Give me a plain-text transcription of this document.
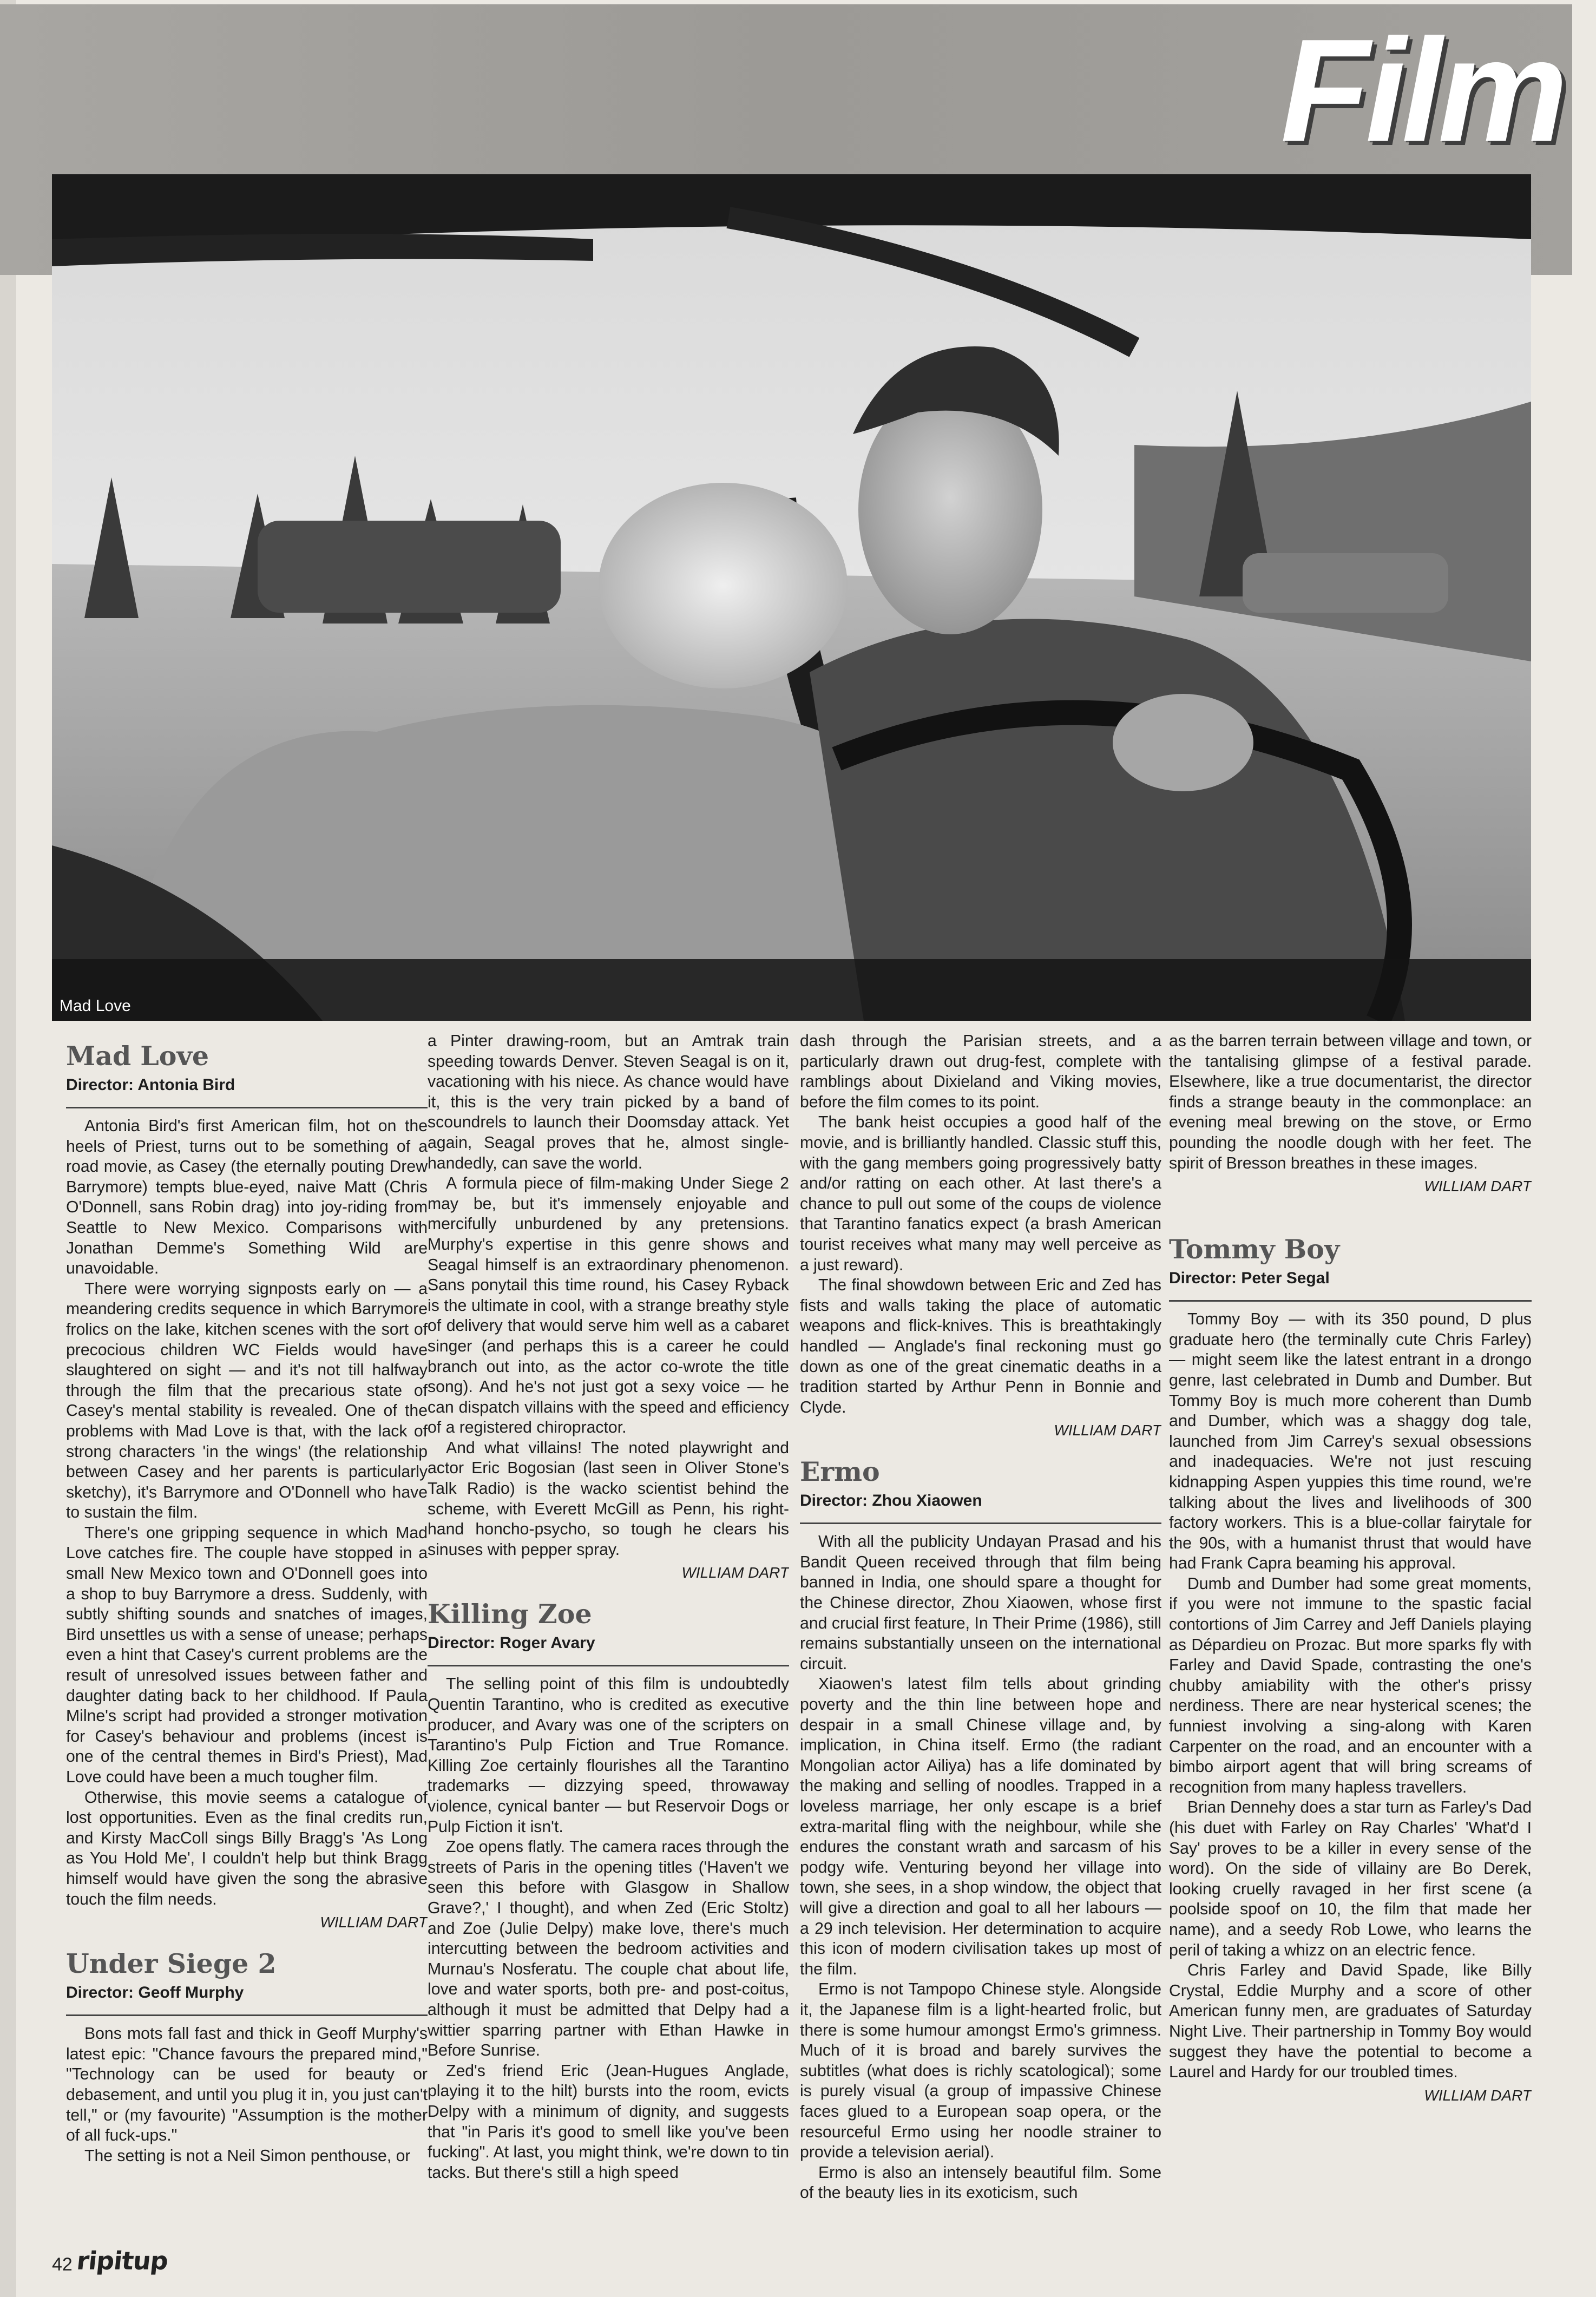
Film
Mad Love
Mad Love
Director: Antonia Bird

Antonia Bird's first American film, hot on the heels of Priest, turns out to be something of a road movie, as Casey (the eternally pouting Drew Barrymore) tempts blue-eyed, naive Matt (Chris O'Donnell, sans Robin drag) into joy-riding from Seattle to New Mexico. Comparisons with Jonathan Demme's Something Wild are unavoidable.

There were worrying signposts early on — a meandering credits sequence in which Barrymore frolics on the lake, kitchen scenes with the sort of precocious children WC Fields would have slaughtered on sight — and it's not till halfway through the film that the precarious state of Casey's mental stability is revealed. One of the problems with Mad Love is that, with the lack of strong characters 'in the wings' (the relationship between Casey and her parents is particularly sketchy), it's Barrymore and O'Donnell who have to sustain the film.

There's one gripping sequence in which Mad Love catches fire. The couple have stopped in a small New Mexico town and O'Donnell goes into a shop to buy Barrymore a dress. Suddenly, with subtly shifting sounds and snatches of images, Bird unsettles us with a sense of unease; perhaps even a hint that Casey's current problems are the result of unresolved issues between father and daughter dating back to her childhood. If Paula Milne's script had provided a stronger motivation for Casey's behaviour and problems (incest is one of the central themes in Bird's Priest), Mad Love could have been a much tougher film.

Otherwise, this movie seems a catalogue of lost opportunities. Even as the final credits run, and Kirsty MacColl sings Billy Bragg's 'As Long as You Hold Me', I couldn't help but think Bragg himself would have given the song the abrasive touch the film needs.

WILLIAM DART
Under Siege 2
Director: Geoff Murphy

Bons mots fall fast and thick in Geoff Murphy's latest epic: "Chance favours the prepared mind," "Technology can be used for beauty or debasement, and until you plug it in, you just can't tell," or (my favourite) "Assumption is the mother of all fuck-ups."

The setting is not a Neil Simon penthouse, or

a Pinter drawing-room, but an Amtrak train speeding towards Denver. Steven Seagal is on it, vacationing with his niece. As chance would have it, this is the very train picked by a band of scoundrels to launch their Doomsday attack. Yet again, Seagal proves that he, almost single-handedly, can save the world.

A formula piece of film-making Under Siege 2 may be, but it's immensely enjoyable and mercifully unburdened by any pretensions. Murphy's expertise in this genre shows and Seagal himself is an extraordinary phenomenon. Sans ponytail this time round, his Casey Ryback is the ultimate in cool, with a strange breathy style of delivery that would serve him well as a cabaret singer (and perhaps this is a career he could branch out into, as the actor co-wrote the title song). And he's not just got a sexy voice — he can dispatch villains with the speed and efficiency of a registered chiropractor.

And what villains! The noted playwright and actor Eric Bogosian (last seen in Oliver Stone's Talk Radio) is the wacko scientist behind the scheme, with Everett McGill as Penn, his right-hand honcho-psycho, so tough he clears his sinuses with pepper spray.

WILLIAM DART
Killing Zoe
Director: Roger Avary

The selling point of this film is undoubtedly Quentin Tarantino, who is credited as executive producer, and Avary was one of the scripters on Tarantino's Pulp Fiction and True Romance. Killing Zoe certainly flourishes all the Tarantino trademarks — dizzying speed, throwaway violence, cynical banter — but Reservoir Dogs or Pulp Fiction it isn't.

Zoe opens flatly. The camera races through the streets of Paris in the opening titles ('Haven't we seen this before with Glasgow in Shallow Grave?,' I thought), and when Zed (Eric Stoltz) and Zoe (Julie Delpy) make love, there's much intercutting between the bedroom activities and Murnau's Nosferatu. The couple chat about life, love and water sports, both pre- and post-coitus, although it must be admitted that Delpy had a wittier sparring partner with Ethan Hawke in Before Sunrise.

Zed's friend Eric (Jean-Hugues Anglade, playing it to the hilt) bursts into the room, evicts Delpy with a minimum of dignity, and suggests that "in Paris it's good to smell like you've been fucking". At last, you might think, we're down to tin tacks. But there's still a high speed

dash through the Parisian streets, and a particularly drawn out drug-fest, complete with ramblings about Dixieland and Viking movies, before the film comes to its point.

The bank heist occupies a good half of the movie, and is brilliantly handled. Classic stuff this, with the gang members going progressively batty and/or ratting on each other. At last there's a chance to pull out some of the coups de violence that Tarantino fanatics expect (a brash American tourist receives what many may well perceive as a just reward).

The final showdown between Eric and Zed has fists and walls taking the place of automatic weapons and flick-knives. This is breathtakingly handled — Anglade's final reckoning must go down as one of the great cinematic deaths in a tradition started by Arthur Penn in Bonnie and Clyde.

WILLIAM DART
Ermo
Director: Zhou Xiaowen

With all the publicity Undayan Prasad and his Bandit Queen received through that film being banned in India, one should spare a thought for the Chinese director, Zhou Xiaowen, whose first and crucial first feature, In Their Prime (1986), still remains substantially unseen on the international circuit.

Xiaowen's latest film tells about grinding poverty and the thin line between hope and despair in a small Chinese village and, by implication, in China itself. Ermo (the radiant Mongolian actor Ailiya) has a life dominated by the making and selling of noodles. Trapped in a loveless marriage, her only escape is a brief extra-marital fling with the neighbour, while she endures the constant wrath and sarcasm of his podgy wife. Venturing beyond her village into town, she sees, in a shop window, the object that will give a direction and goal to all her labours — a 29 inch television. Her determination to acquire this icon of modern civilisation takes up most of the film.

Ermo is not Tampopo Chinese style. Alongside it, the Japanese film is a light-hearted frolic, but there is some humour amongst Ermo's grimness. Much of it is broad and barely survives the subtitles (what does is richly scatological); some is purely visual (a group of impassive Chinese faces glued to a European soap opera, or the resourceful Ermo using her noodle strainer to provide a television aerial).

Ermo is also an intensely beautiful film. Some of the beauty lies in its exoticism, such

as the barren terrain between village and town, or the tantalising glimpse of a festival parade. Elsewhere, like a true documentarist, the director finds a strange beauty in the commonplace: an evening meal brewing on the stove, or Ermo pounding the noodle dough with her feet. The spirit of Bresson breathes in these images.

WILLIAM DART
Tommy Boy
Director: Peter Segal

Tommy Boy — with its 350 pound, D plus graduate hero (the terminally cute Chris Farley) — might seem like the latest entrant in a drongo genre, last celebrated in Dumb and Dumber. But Tommy Boy is much more coherent than Dumb and Dumber, which was a shaggy dog tale, launched from Jim Carrey's sexual obsessions and inadequacies. We're not just rescuing kidnapping Aspen yuppies this time round, we're talking about the lives and livelihoods of 300 factory workers. This is a blue-collar fairytale for the 90s, with a humanist thrust that would have had Frank Capra beaming his approval.

Dumb and Dumber had some great moments, if you were not immune to the spastic facial contortions of Jim Carrey and Jeff Daniels playing as Dépardieu on Prozac. But more sparks fly with Farley and David Spade, contrasting the one's chubby amiability with the other's prissy nerdiness. There are near hysterical scenes; the funniest involving a sing-along with Karen Carpenter on the road, and an encounter with a bimbo airport agent that will bring screams of recognition from many hapless travellers.

Brian Dennehy does a star turn as Farley's Dad (his duet with Farley on Ray Charles' 'What'd I Say' proves to be a killer in every sense of the word). On the side of villainy are Bo Derek, looking cruelly ravaged in her first scene (a poolside spoof on 10, the film that made her name), and a seedy Rob Lowe, who learns the peril of taking a whizz on an electric fence.

Chris Farley and David Spade, like Billy Crystal, Eddie Murphy and a score of other American funny men, are graduates of Saturday Night Live. Their partnership in Tommy Boy would suggest they have the potential to become a Laurel and Hardy for our troubled times.

WILLIAM DART
42 ripitup
